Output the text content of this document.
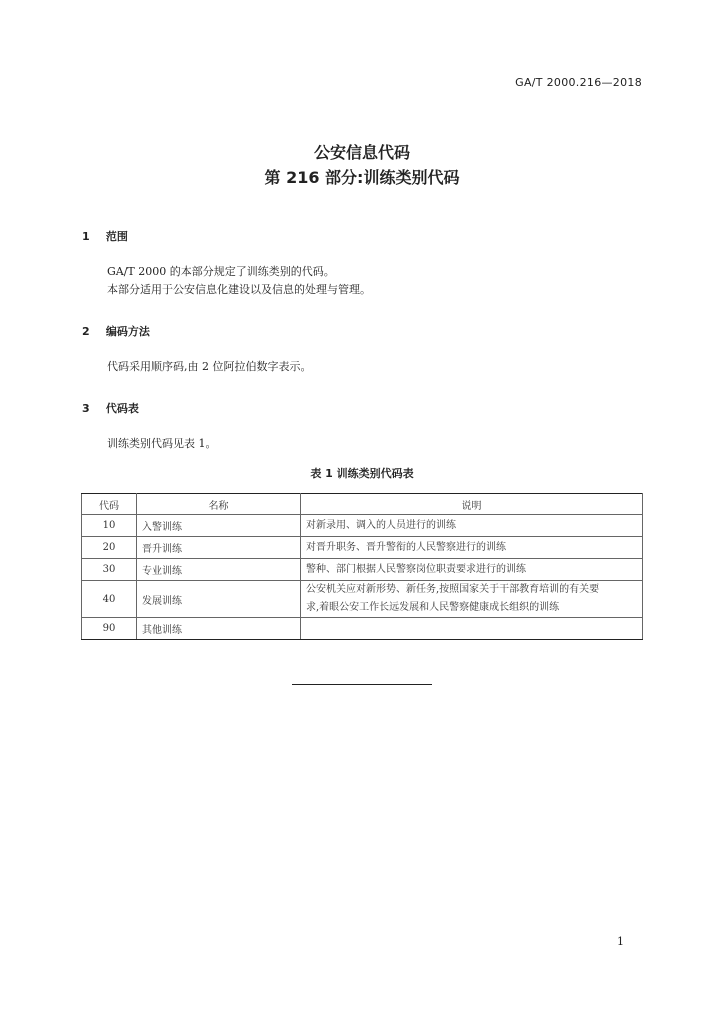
GA/T 2000.216—2018
公安信息代码
第 216 部分:训练类别代码
1 范围
GA/T 2000 的本部分规定了训练类别的代码。
本部分适用于公安信息化建设以及信息的处理与管理。
2 编码方法
代码采用顺序码,由 2 位阿拉伯数字表示。
3 代码表
训练类别代码见表 1。
表 1 训练类别代码表
代码	名称	说明
10	入警训练	对新录用、调入的人员进行的训练
20	晋升训练	对晋升职务、晋升警衔的人民警察进行的训练
30	专业训练	警种、部门根据人民警察岗位职责要求进行的训练
40	发展训练	公安机关应对新形势、新任务,按照国家关于干部教育培训的有关要
求,着眼公安工作长远发展和人民警察健康成长组织的训练

90	其他训练	
1
